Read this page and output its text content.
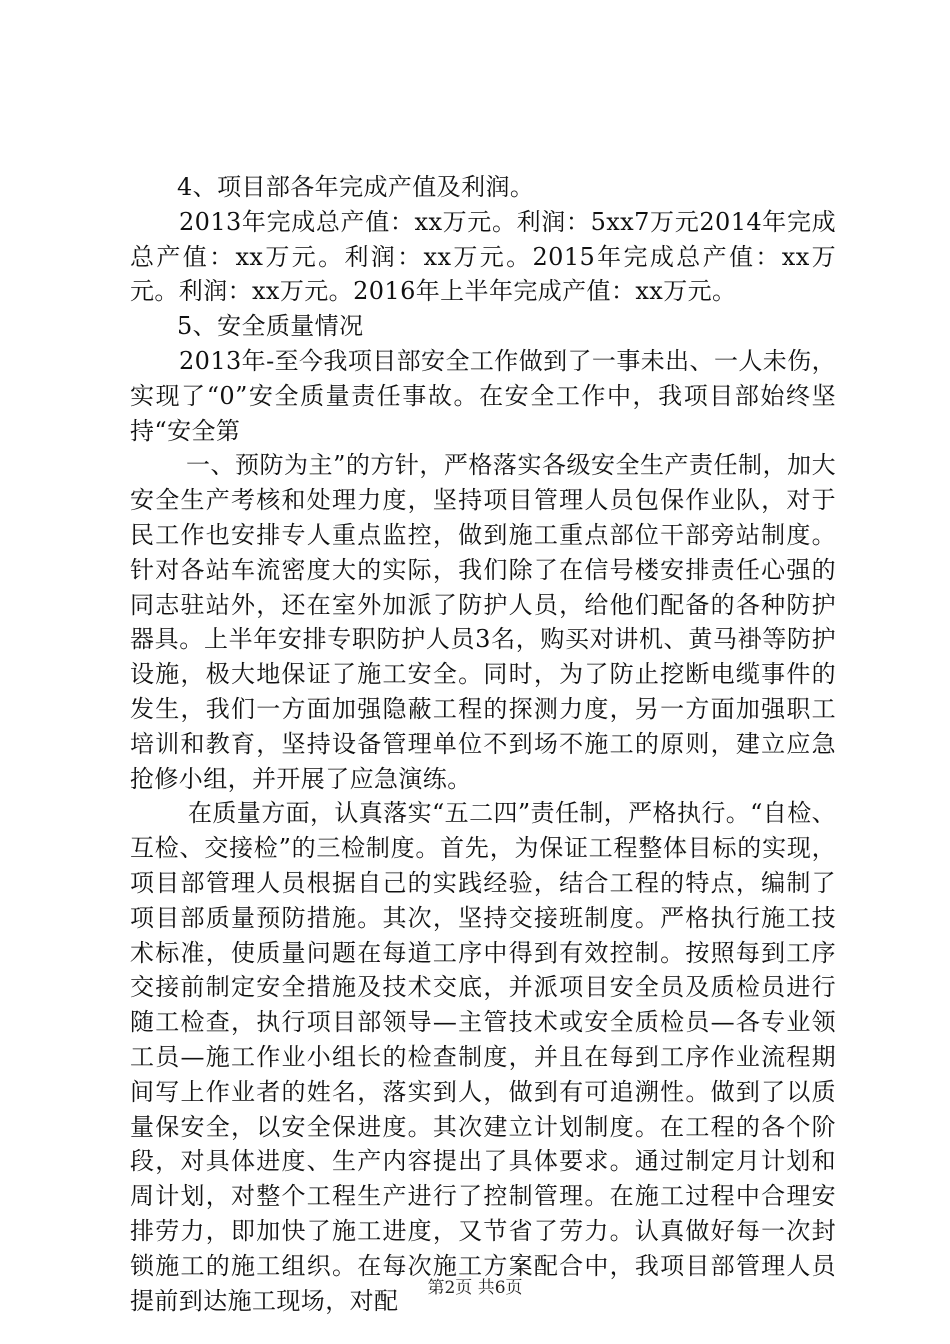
4、项目部各年完成产值及利润。

2013年完成总产值：xx万元。利润：5xx7万元2014年完成总产值：xx万元。利润：xx万元。2015年完成总产值：xx万元。利润：xx万元。2016年上半年完成产值：xx万元。

5、安全质量情况

2013年-至今我项目部安全工作做到了一事未出、一人未伤，实现了“0”安全质量责任事故。在安全工作中，我项目部始终坚持“安全第

一、预防为主”的方针，严格落实各级安全生产责任制，加大安全生产考核和处理力度，坚持项目管理人员包保作业队，对于民工作也安排专人重点监控，做到施工重点部位干部旁站制度。针对各站车流密度大的实际，我们除了在信号楼安排责任心强的同志驻站外，还在室外加派了防护人员，给他们配备的各种防护器具。上半年安排专职防护人员3名，购买对讲机、黄马褂等防护设施，极大地保证了施工安全。同时，为了防止挖断电缆事件的发生，我们一方面加强隐蔽工程的探测力度，另一方面加强职工培训和教育，坚持设备管理单位不到场不施工的原则，建立应急抢修小组，并开展了应急演练。

在质量方面，认真落实“五二四”责任制，严格执行。“自检、互检、交接检”的三检制度。首先，为保证工程整体目标的实现，项目部管理人员根据自己的实践经验，结合工程的特点，编制了项目部质量预防措施。其次，坚持交接班制度。严格执行施工技术标准，使质量问题在每道工序中得到有效控制。按照每到工序交接前制定安全措施及技术交底，并派项目安全员及质检员进行随工检查，执行项目部领导—主管技术或安全质检员—各专业领工员—施工作业小组长的检查制度，并且在每到工序作业流程期间写上作业者的姓名，落实到人，做到有可追溯性。做到了以质量保安全，以安全保进度。其次建立计划制度。在工程的各个阶段，对具体进度、生产内容提出了具体要求。通过制定月计划和周计划，对整个工程生产进行了控制管理。在施工过程中合理安排劳力，即加快了施工进度，又节省了劳力。认真做好每一次封锁施工的施工组织。在每次施工方案配合中，我项目部管理人员提前到达施工现场，对配	第2页 共6页
